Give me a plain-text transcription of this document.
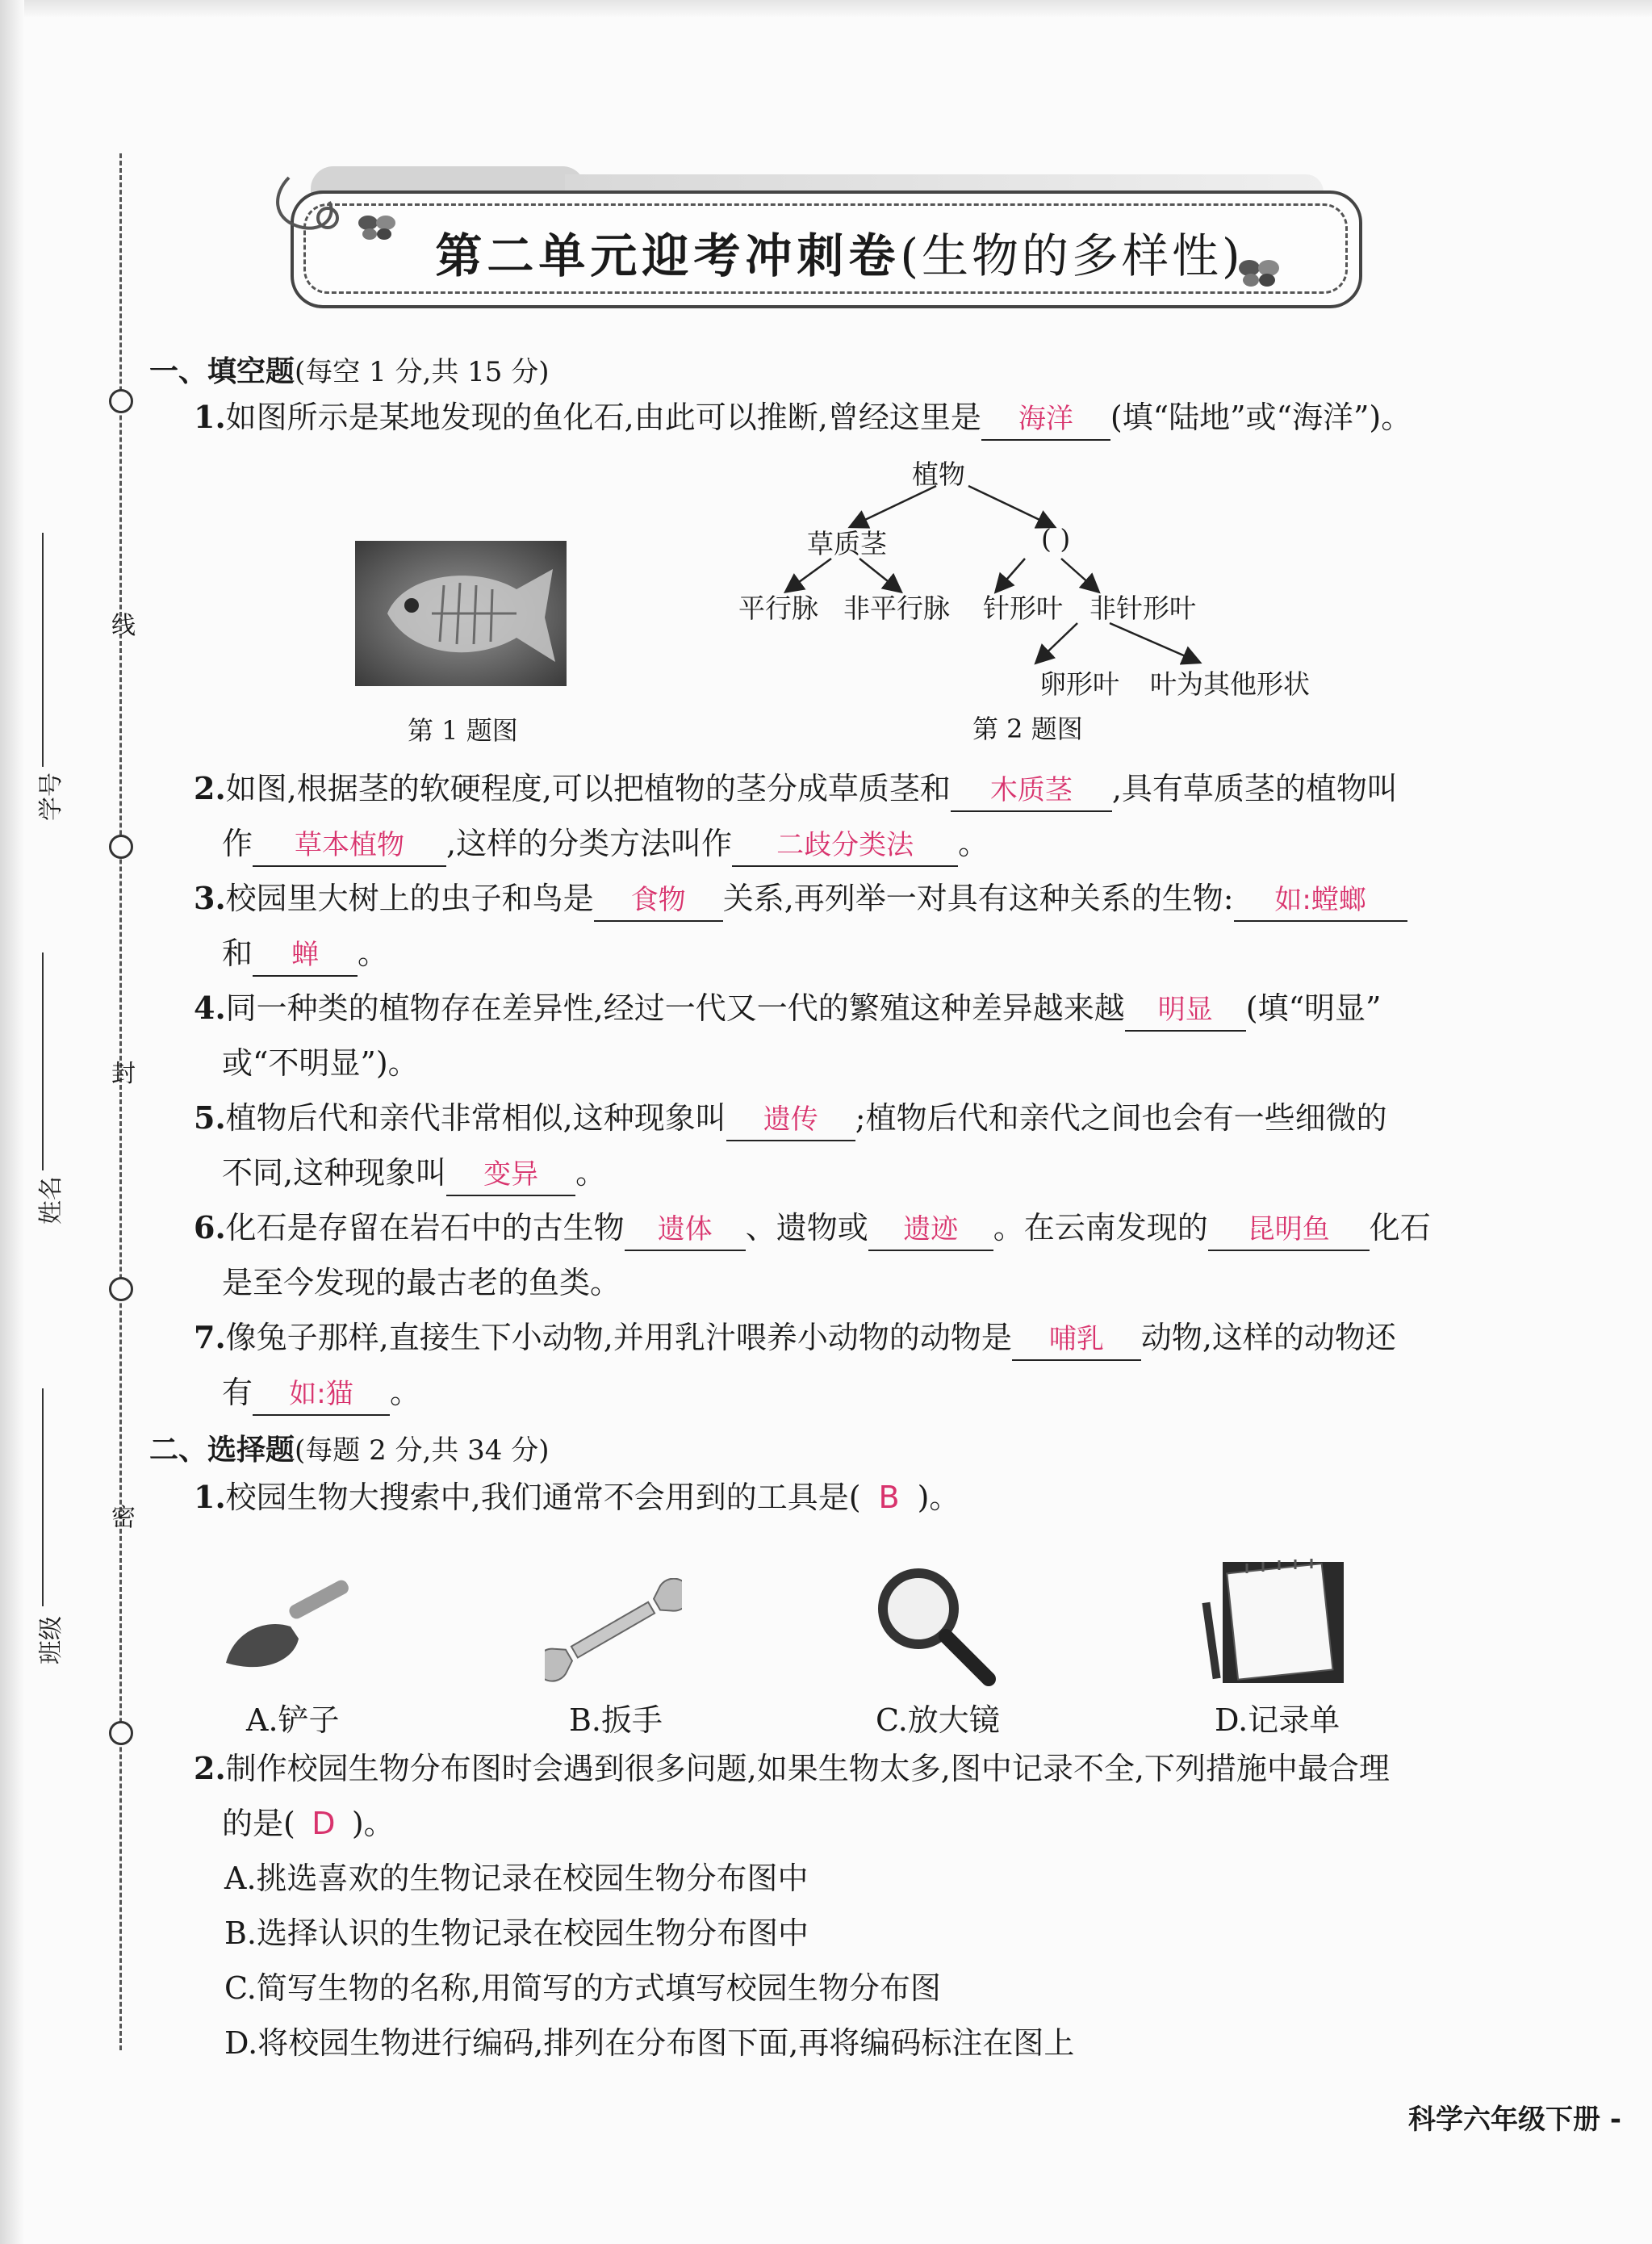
线
封
密
学号
姓名
班级
第二单元迎考冲刺卷(生物的多样性)
一、填空题(每空 1 分,共 15 分)
1.如图所示是某地发现的鱼化石,由此可以推断,曾经这里是 海洋 (填“陆地”或“海洋”)。
第 1 题图
植物
草质茎	( )
平行脉 非平行脉 针形叶 非针形叶
卵形叶 叶为其他形状
第 2 题图
2.如图,根据茎的软硬程度,可以把植物的茎分成草质茎和 木质茎 ,具有草质茎的植物叫
作 草本植物 ,这样的分类方法叫作 二歧分类法 。
3.校园里大树上的虫子和鸟是 食物 关系,再列举一对具有这种关系的生物: 如:螳螂
和 蝉 。
4.同一种类的植物存在差异性,经过一代又一代的繁殖这种差异越来越 明显 (填“明显”
或“不明显”)。
5.植物后代和亲代非常相似,这种现象叫 遗传 ;植物后代和亲代之间也会有一些细微的
不同,这种现象叫 变异 。
6.化石是存留在岩石中的古生物 遗体 、遗物或 遗迹 。在云南发现的 昆明鱼 化石
是至今发现的最古老的鱼类。
7.像兔子那样,直接生下小动物,并用乳汁喂养小动物的动物是 哺乳 动物,这样的动物还
有 如:猫 。
二、选择题(每题 2 分,共 34 分)
1.校园生物大搜索中,我们通常不会用到的工具是( B )。
A.铲子	B.扳手	C.放大镜	D.记录单
2.制作校园生物分布图时会遇到很多问题,如果生物太多,图中记录不全,下列措施中最合理
的是( D )。
A.挑选喜欢的生物记录在校园生物分布图中
B.选择认识的生物记录在校园生物分布图中
C.简写生物的名称,用简写的方式填写校园生物分布图
D.将校园生物进行编码,排列在分布图下面,再将编码标注在图上
科学六年级下册 -
